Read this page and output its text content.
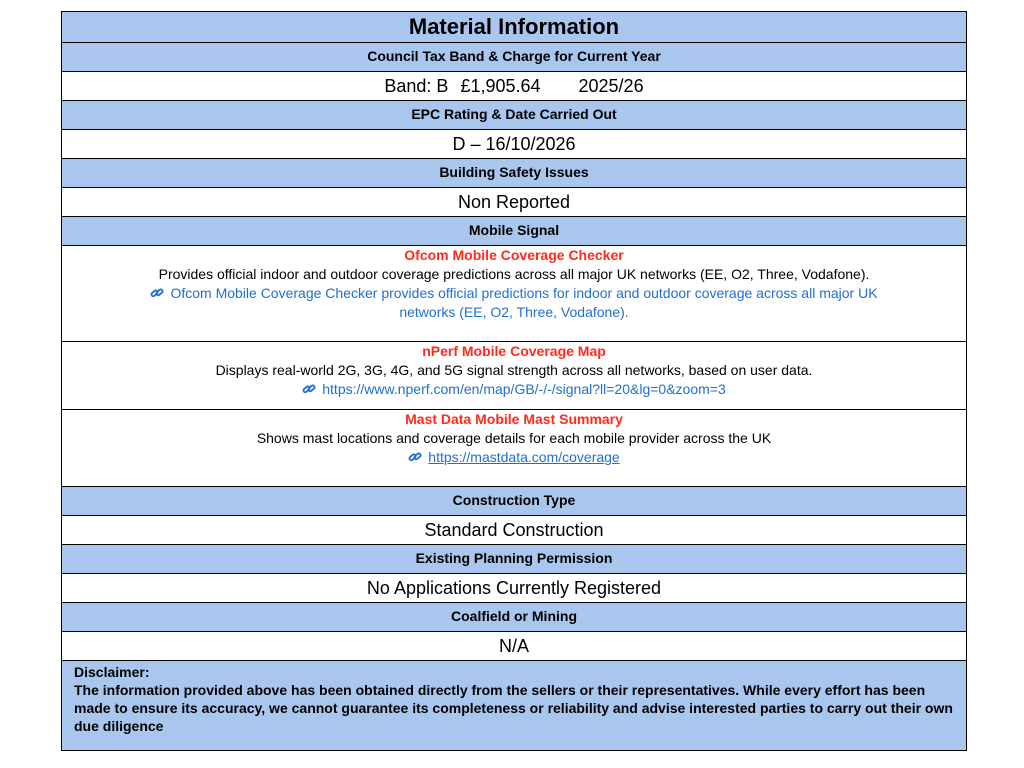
Material Information
Council Tax Band & Charge for Current Year
Band: B £1,905.64 2025/26
EPC Rating & Date Carried Out
D – 16/10/2026
Building Safety Issues
Non Reported
Mobile Signal
Ofcom Mobile Coverage Checker
Provides official indoor and outdoor coverage predictions across all major UK networks (EE, O2, Three, Vodafone).
Ofcom Mobile Coverage Checker provides official predictions for indoor and outdoor coverage across all major UK
networks (EE, O2, Three, Vodafone).
nPerf Mobile Coverage Map
Displays real-world 2G, 3G, 4G, and 5G signal strength across all networks, based on user data.
https://www.nperf.com/en/map/GB/-/-/signal?ll=20&lg=0&zoom=3
Mast Data Mobile Mast Summary
Shows mast locations and coverage details for each mobile provider across the UK
https://mastdata.com/coverage
Construction Type
Standard Construction
Existing Planning Permission
No Applications Currently Registered
Coalfield or Mining
N/A
Disclaimer:
The information provided above has been obtained directly from the sellers or their representatives. While every effort has been made to ensure its accuracy, we cannot guarantee its completeness or reliability and advise interested parties to carry out their own due diligence
